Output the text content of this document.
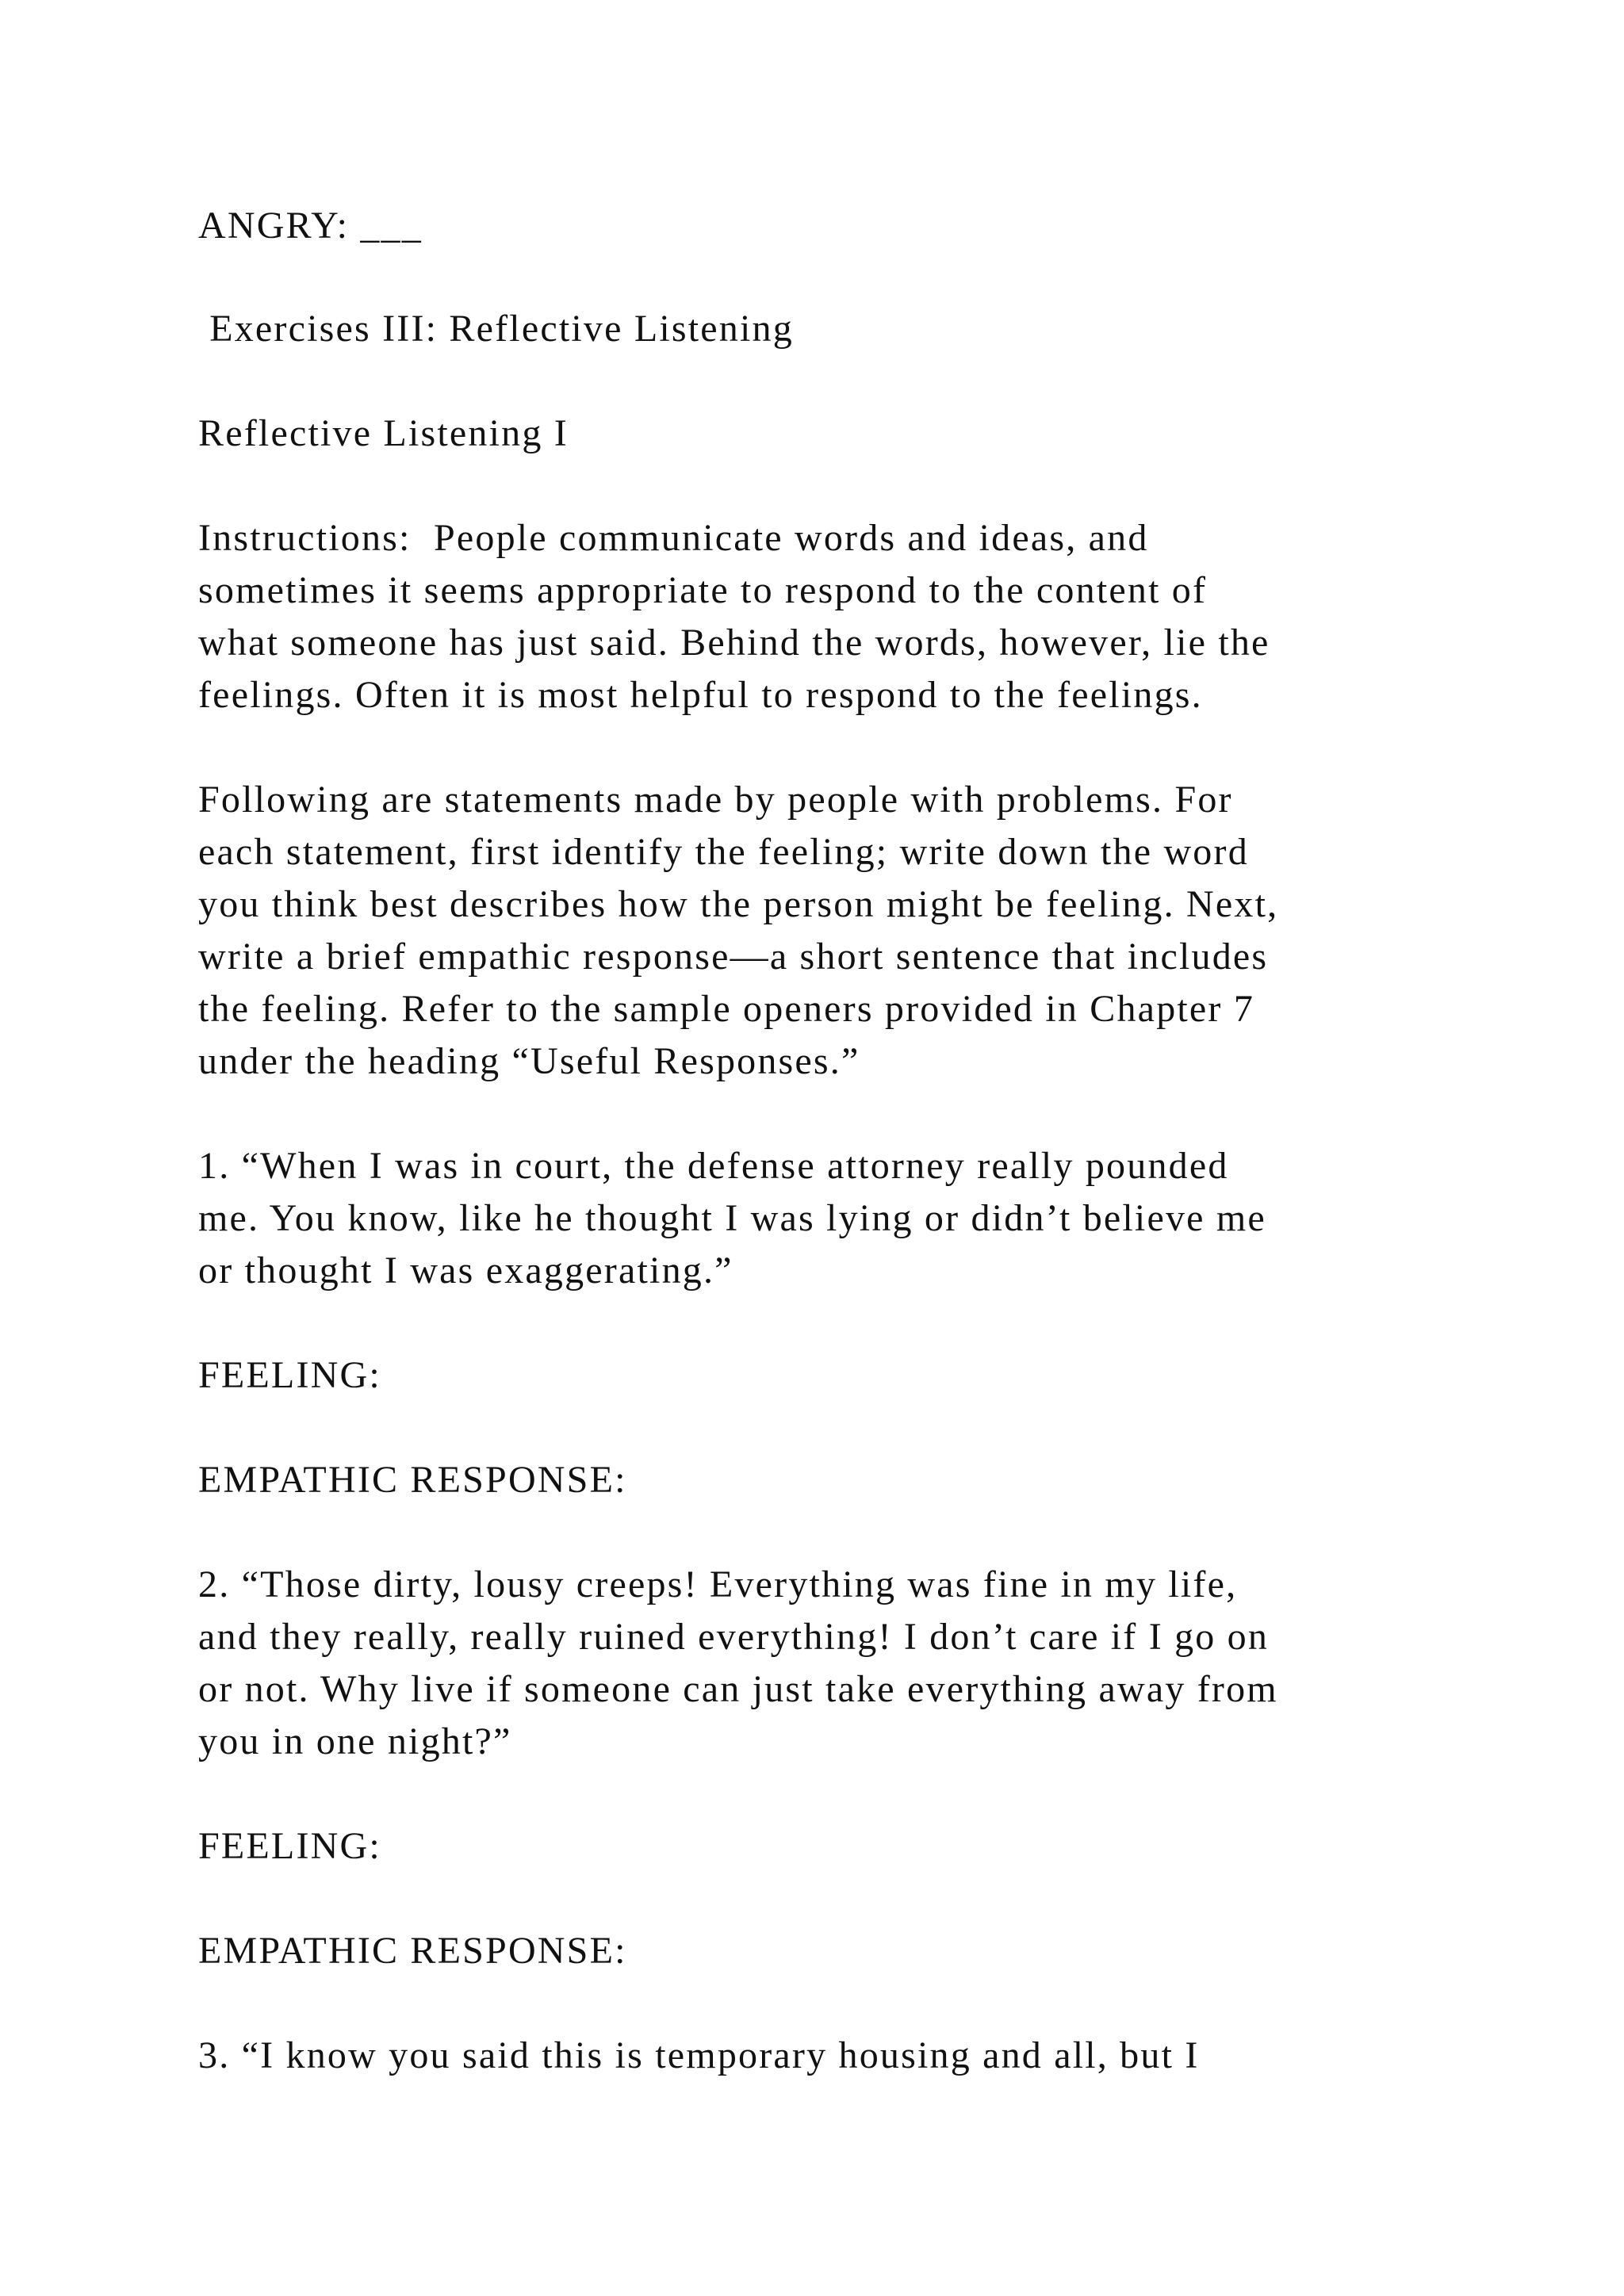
ANGRY: ___
Exercises III: Reflective Listening
Reflective Listening I
Instructions:  People communicate words and ideas, and
sometimes it seems appropriate to respond to the content of
what someone has just said. Behind the words, however, lie the
feelings. Often it is most helpful to respond to the feelings.
Following are statements made by people with problems. For
each statement, first identify the feeling; write down the word
you think best describes how the person might be feeling. Next,
write a brief empathic response—a short sentence that includes
the feeling. Refer to the sample openers provided in Chapter 7
under the heading “Useful Responses.”
1. “When I was in court, the defense attorney really pounded
me. You know, like he thought I was lying or didn’t believe me
or thought I was exaggerating.”
FEELING:
EMPATHIC RESPONSE:
2. “Those dirty, lousy creeps! Everything was fine in my life,
and they really, really ruined everything! I don’t care if I go on
or not. Why live if someone can just take everything away from
you in one night?”
FEELING:
EMPATHIC RESPONSE:
3. “I know you said this is temporary housing and all, but I
